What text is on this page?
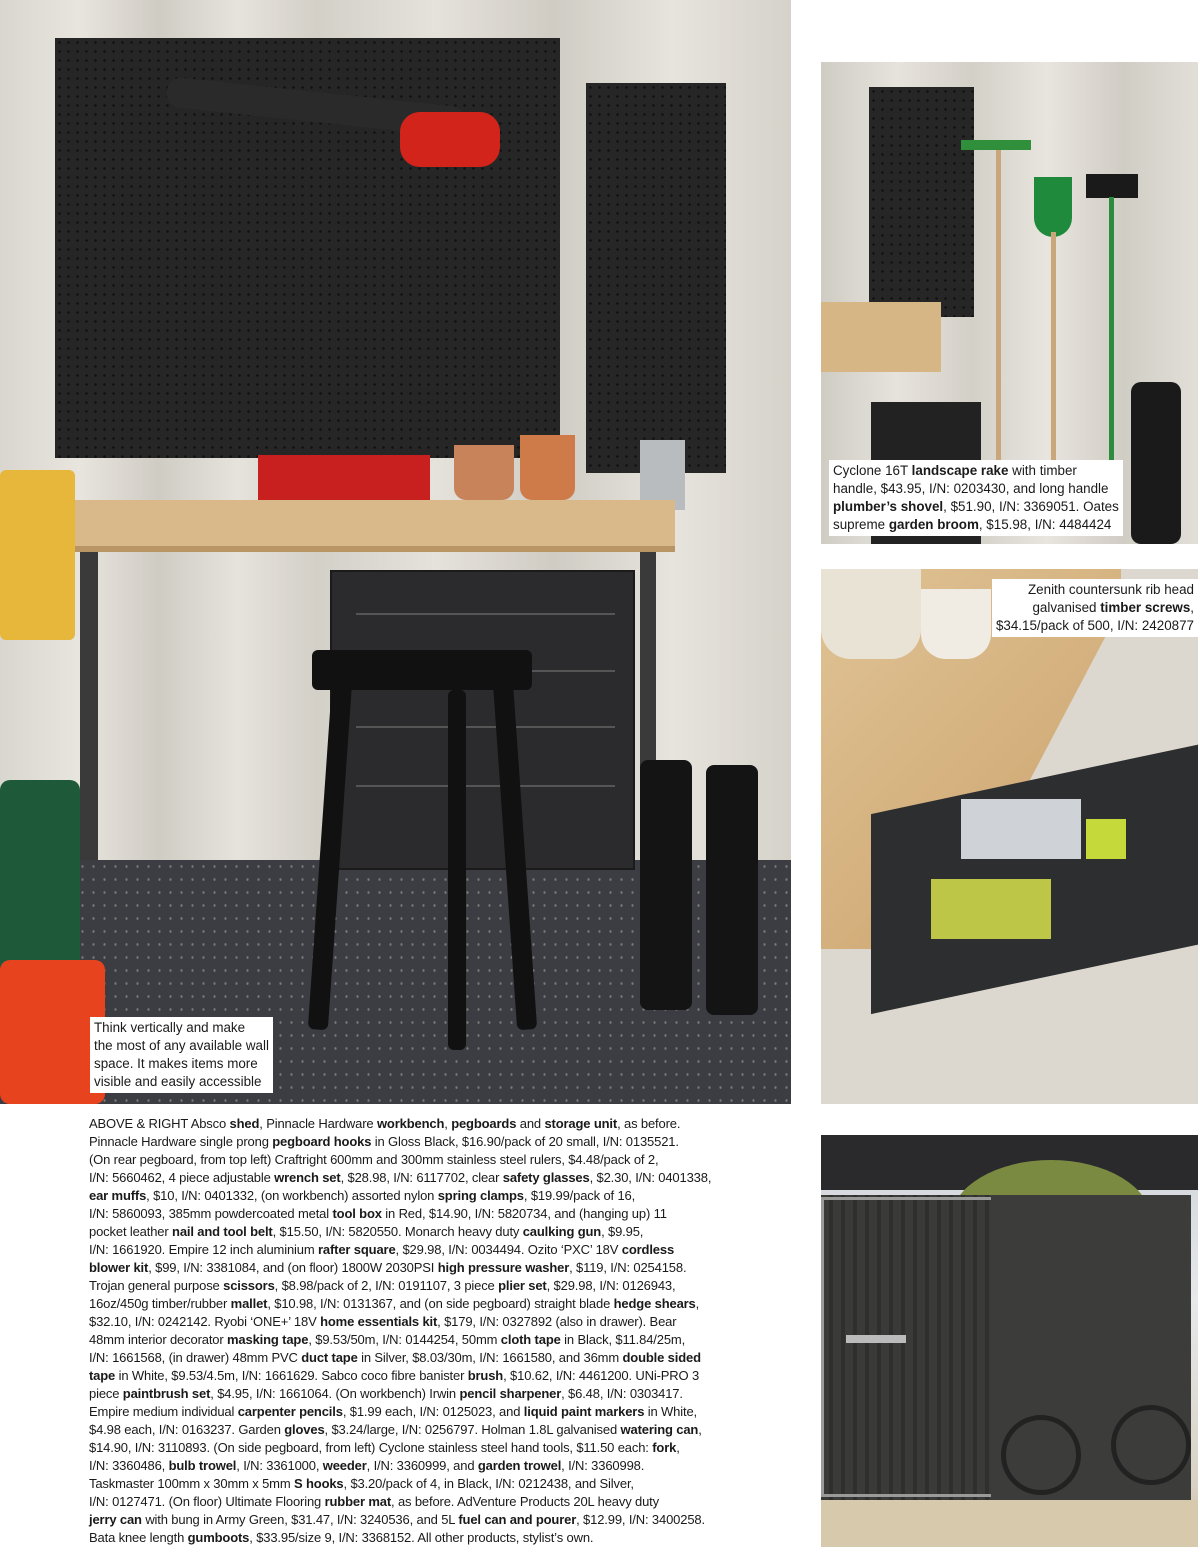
Think vertically and make
the most of any available wall
space. It makes items more
visible and easily accessible
Cyclone 16T landscape rake with timber
handle, $43.95, I/N: 0203430, and long handle
plumber’s shovel, $51.90, I/N: 3369051. Oates
supreme garden broom, $15.98, I/N: 4484424
Zenith countersunk rib head
galvanised timber screws,
$34.15/pack of 500, I/N: 2420877
ABOVE & RIGHT Absco shed, Pinnacle Hardware workbench, pegboards and storage unit, as before.
Pinnacle Hardware single prong pegboard hooks in Gloss Black, $16.90/pack of 20 small, I/N: 0135521.
(On rear pegboard, from top left) Craftright 600mm and 300mm stainless steel rulers, $4.48/pack of 2,
I/N: 5660462, 4 piece adjustable wrench set, $28.98, I/N: 6117702, clear safety glasses, $2.30, I/N: 0401338,
ear muffs, $10, I/N: 0401332, (on workbench) assorted nylon spring clamps, $19.99/pack of 16,
I/N: 5860093, 385mm powdercoated metal tool box in Red, $14.90, I/N: 5820734, and (hanging up) 11
pocket leather nail and tool belt, $15.50, I/N: 5820550. Monarch heavy duty caulking gun, $9.95,
I/N: 1661920. Empire 12 inch aluminium rafter square, $29.98, I/N: 0034494. Ozito ‘PXC’ 18V cordless
blower kit, $99, I/N: 3381084, and (on floor) 1800W 2030PSI high pressure washer, $119, I/N: 0254158.
Trojan general purpose scissors, $8.98/pack of 2, I/N: 0191107, 3 piece plier set, $29.98, I/N: 0126943,
16oz/450g timber/rubber mallet, $10.98, I/N: 0131367, and (on side pegboard) straight blade hedge shears,
$32.10, I/N: 0242142. Ryobi ‘ONE+’ 18V home essentials kit, $179, I/N: 0327892 (also in drawer). Bear
48mm interior decorator masking tape, $9.53/50m, I/N: 0144254, 50mm cloth tape in Black, $11.84/25m,
I/N: 1661568, (in drawer) 48mm PVC duct tape in Silver, $8.03/30m, I/N: 1661580, and 36mm double sided
tape in White, $9.53/4.5m, I/N: 1661629. Sabco coco fibre banister brush, $10.62, I/N: 4461200. UNi-PRO 3
piece paintbrush set, $4.95, I/N: 1661064. (On workbench) Irwin pencil sharpener, $6.48, I/N: 0303417.
Empire medium individual carpenter pencils, $1.99 each, I/N: 0125023, and liquid paint markers in White,
$4.98 each, I/N: 0163237. Garden gloves, $3.24/large, I/N: 0256797. Holman 1.8L galvanised watering can,
$14.90, I/N: 3110893. (On side pegboard, from left) Cyclone stainless steel hand tools, $11.50 each: fork,
I/N: 3360486, bulb trowel, I/N: 3361000, weeder, I/N: 3360999, and garden trowel, I/N: 3360998.
Taskmaster 100mm x 30mm x 5mm S hooks, $3.20/pack of 4, in Black, I/N: 0212438, and Silver,
I/N: 0127471. (On floor) Ultimate Flooring rubber mat, as before. AdVenture Products 20L heavy duty
jerry can with bung in Army Green, $31.47, I/N: 3240536, and 5L fuel can and pourer, $12.99, I/N: 3400258.
Bata knee length gumboots, $33.95/size 9, I/N: 3368152. All other products, stylist’s own.
